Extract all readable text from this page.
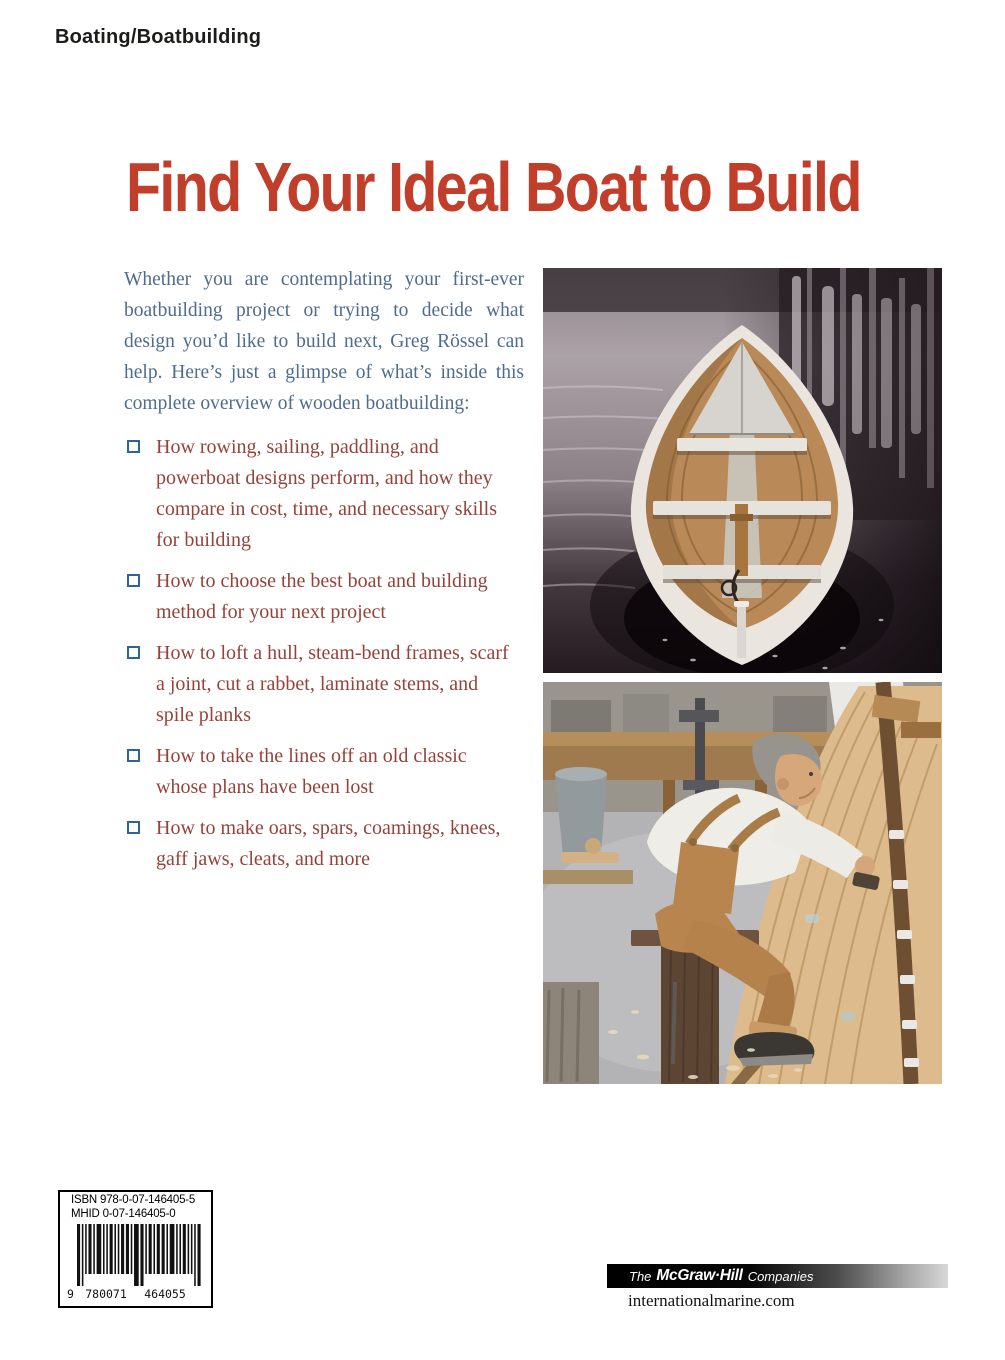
Boating/Boatbuilding
Find Your Ideal Boat to Build
Whether you are contemplating your first-ever boatbuilding project or trying to decide what design you’d like to build next, Greg Rössel can help. Here’s just a glimpse of what’s inside this complete overview of wooden boatbuilding:
How rowing, sailing, paddling, and powerboat designs perform, and how they compare in cost, time, and necessary skills for building
How to choose the best boat and building method for your next project
How to loft a hull, steam-bend frames, scarf a joint, cut a rabbet, laminate stems, and spile planks
How to take the lines off an old classic whose plans have been lost
How to make oars, spars, coamings, knees, gaff jaws, cleats, and more
ISBN 978-0-07-146405-5
MHID 0-07-146405-0
9 780071 464055
The McGraw·Hill Companies
internationalmarine.com
